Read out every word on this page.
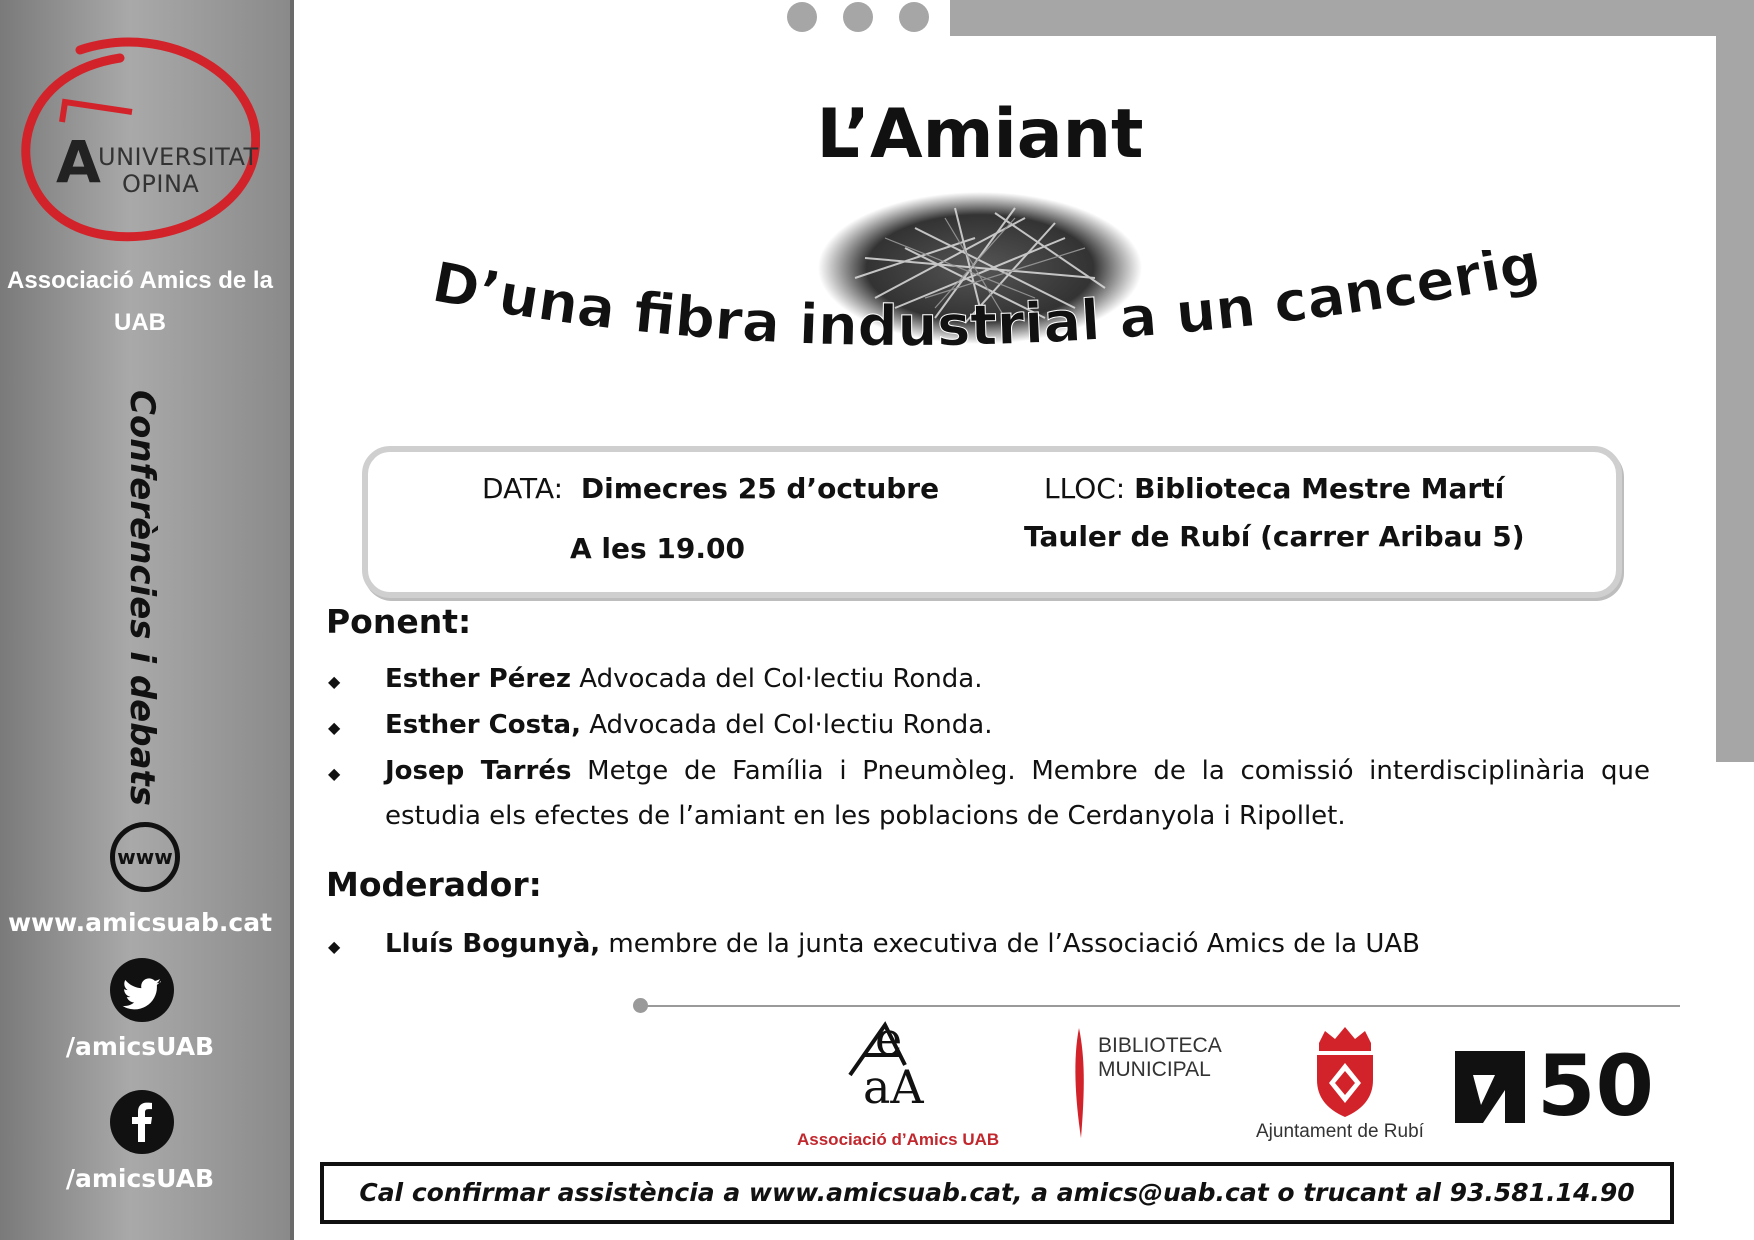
A
UNIVERSITAT
OPINA
Associació Amics de la
UAB
Conferències i debats
www
www.amicsuab.cat
/amicsUAB
/amicsUAB
L’Amiant
D’una fibra industrial a un cancerig
DATA: Dimecres 25 d’octubre
A les 19.00
LLOC: Biblioteca Mestre Martí
Tauler de Rubí (carrer Aribau 5)
Ponent:
◆ Esther Pérez Advocada del Col·lectiu Ronda.
◆ Esther Costa, Advocada del Col·lectiu Ronda.
◆ Josep Tarrés Metge de Família i Pneumòleg. Membre de la comissió interdisciplinària que estudia els efectes de l’amiant en les poblacions de Cerdanyola i Ripollet.
Moderador:
◆ Lluís Bogunyà, membre de la junta executiva de l’Associació Amics de la UAB
e
aA
Associació d’Amics UAB
BIBLIOTECA
MUNICIPAL
Ajuntament de Rubí 50
Cal confirmar assistència a www.amicsuab.cat, a amics@uab.cat o trucant al 93.581.14.90
